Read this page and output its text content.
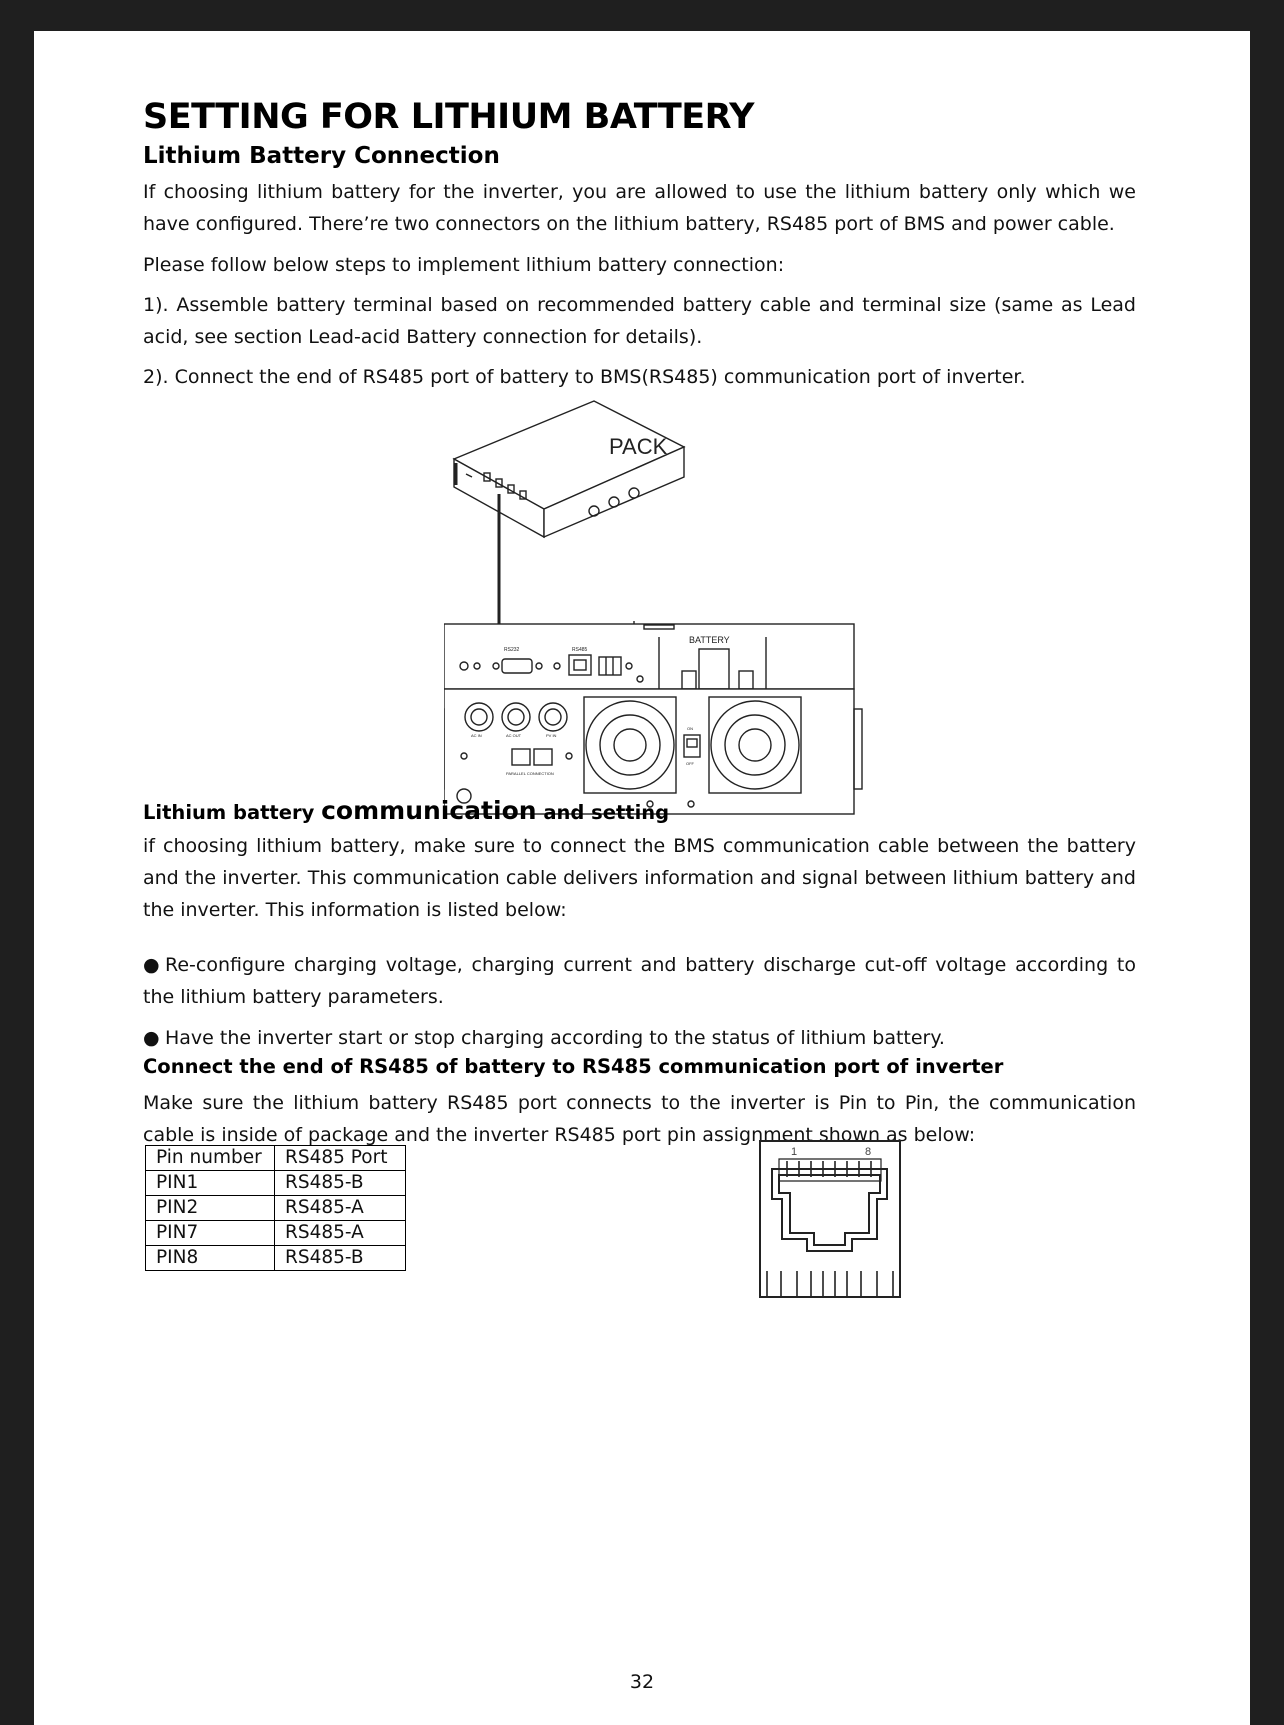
SETTING FOR LITHIUM BATTERY
Lithium Battery Connection

If choosing lithium battery for the inverter, you are allowed to use the lithium battery only which we have configured. There’re two connectors on the lithium battery, RS485 port of BMS and power cable.

Please follow below steps to implement lithium battery connection:

1). Assemble battery terminal based on recommended battery cable and terminal size (same as Lead acid, see section Lead-acid Battery connection for details).

2). Connect the end of RS485 port of battery to BMS(RS485) communication port of inverter.

PACK
RS232	RS485
BATTERY
AC IN	AC OUT	PV IN
PARALLEL CONNECTION
ON
OFF
Lithium battery communication and setting

if choosing lithium battery, make sure to connect the BMS communication cable between the battery and the inverter. This communication cable delivers information and signal between lithium battery and the inverter. This information is listed below:

● Re-configure charging voltage, charging current and battery discharge cut-off voltage according to the lithium battery parameters.

● Have the inverter start or stop charging according to the status of lithium battery.

Connect the end of RS485 of battery to RS485 communication port of inverter

Make sure the lithium battery RS485 port connects to the inverter is Pin to Pin, the communication cable is inside of package and the inverter RS485 port pin assignment shown as below:

Pin number	RS485 Port
PIN1	RS485-B
PIN2	RS485-A
PIN7	RS485-A
PIN8	RS485-B
1	8
32
